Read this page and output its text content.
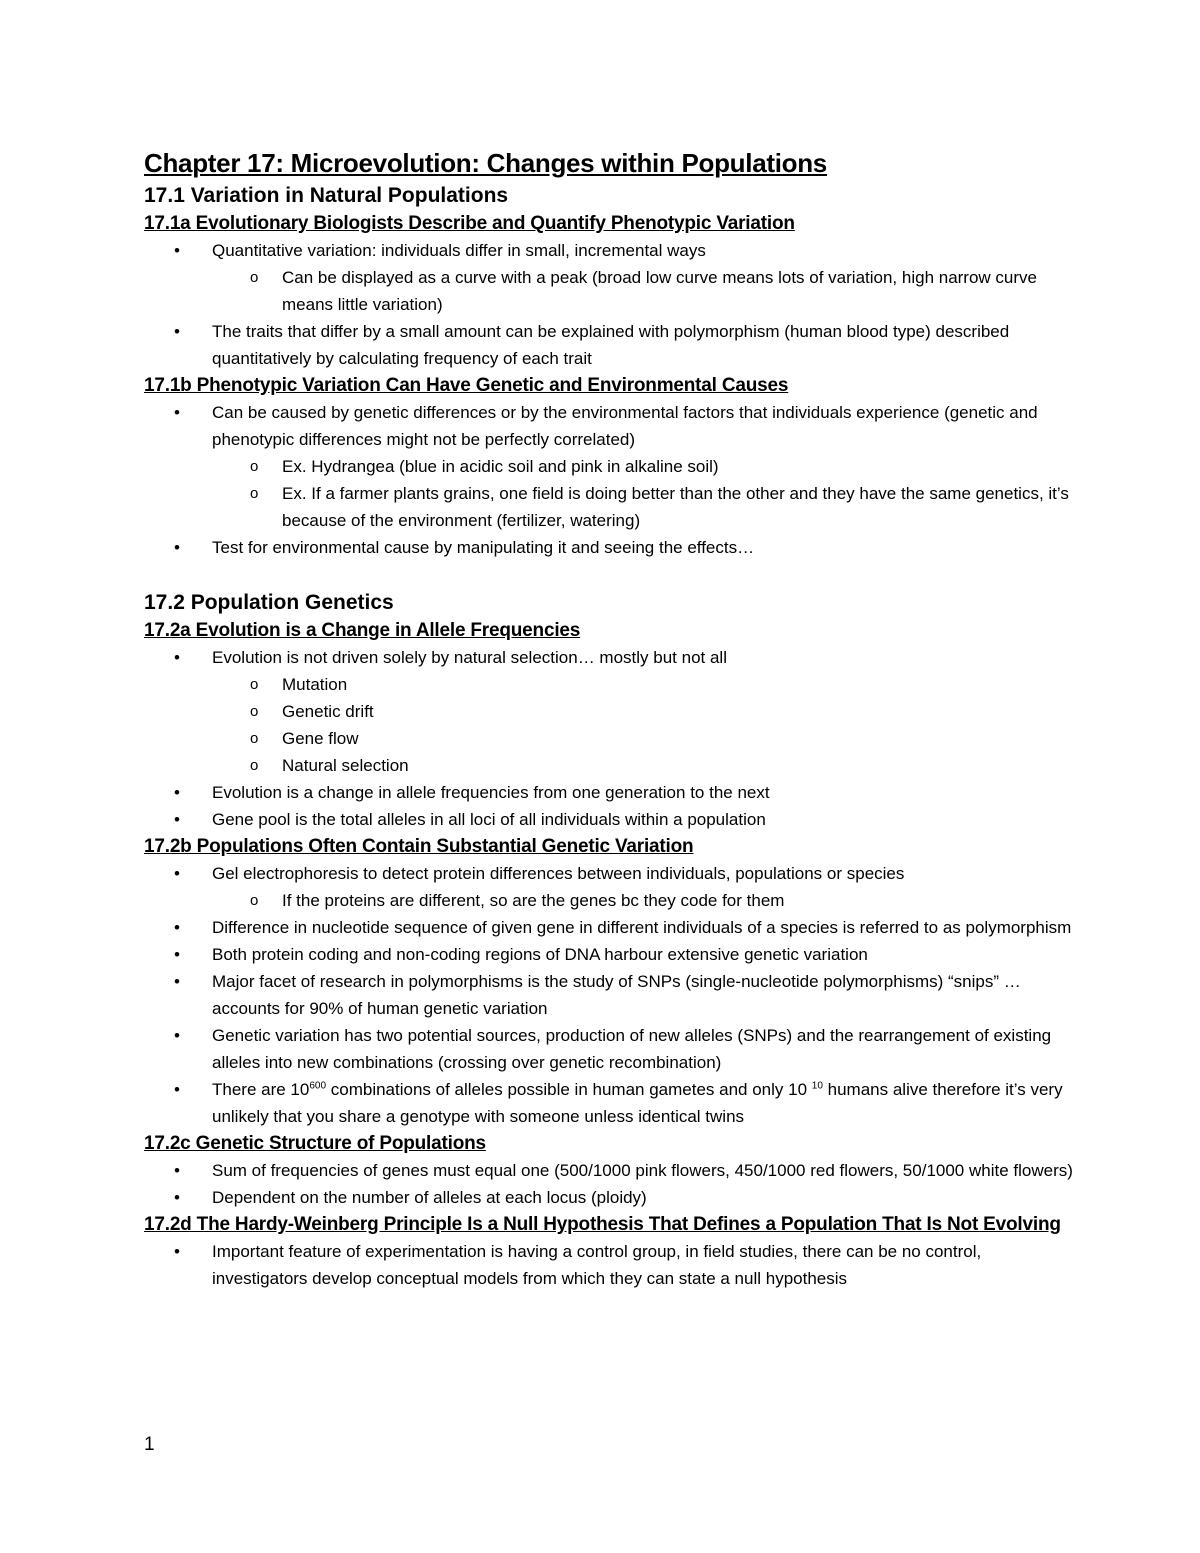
Chapter 17: Microevolution: Changes within Populations
17.1 Variation in Natural Populations
17.1a Evolutionary Biologists Describe and Quantify Phenotypic Variation
• Quantitative variation: individuals differ in small, incremental ways
o Can be displayed as a curve with a peak (broad low curve means lots of variation, high narrow curve means little variation)
• The traits that differ by a small amount can be explained with polymorphism (human blood type) described quantitatively by calculating frequency of each trait
17.1b Phenotypic Variation Can Have Genetic and Environmental Causes
• Can be caused by genetic differences or by the environmental factors that individuals experience (genetic and phenotypic differences might not be perfectly correlated)
o Ex. Hydrangea (blue in acidic soil and pink in alkaline soil)
o Ex. If a farmer plants grains, one field is doing better than the other and they have the same genetics, it’s because of the environment (fertilizer, watering)
• Test for environmental cause by manipulating it and seeing the effects…
17.2 Population Genetics
17.2a Evolution is a Change in Allele Frequencies
• Evolution is not driven solely by natural selection… mostly but not all
o Mutation
o Genetic drift
o Gene flow
o Natural selection
• Evolution is a change in allele frequencies from one generation to the next
• Gene pool is the total alleles in all loci of all individuals within a population
17.2b Populations Often Contain Substantial Genetic Variation
• Gel electrophoresis to detect protein differences between individuals, populations or species
o If the proteins are different, so are the genes bc they code for them
• Difference in nucleotide sequence of given gene in different individuals of a species is referred to as polymorphism
• Both protein coding and non-coding regions of DNA harbour extensive genetic variation
• Major facet of research in polymorphisms is the study of SNPs (single-nucleotide polymorphisms) “snips” … accounts for 90% of human genetic variation
• Genetic variation has two potential sources, production of new alleles (SNPs) and the rearrangement of existing alleles into new combinations (crossing over genetic recombination)
• There are $10^{600}$ combinations of alleles possible in human gametes and only 10 $^{10}$ humans alive therefore it’s very unlikely that you share a genotype with someone unless identical twins
17.2c Genetic Structure of Populations
• Sum of frequencies of genes must equal one (500/1000 pink flowers, 450/1000 red flowers, 50/1000 white flowers)
• Dependent on the number of alleles at each locus (ploidy)
17.2d The Hardy-Weinberg Principle Is a Null Hypothesis That Defines a Population That Is Not Evolving
• Important feature of experimentation is having a control group, in field studies, there can be no control, investigators develop conceptual models from which they can state a null hypothesis
1
